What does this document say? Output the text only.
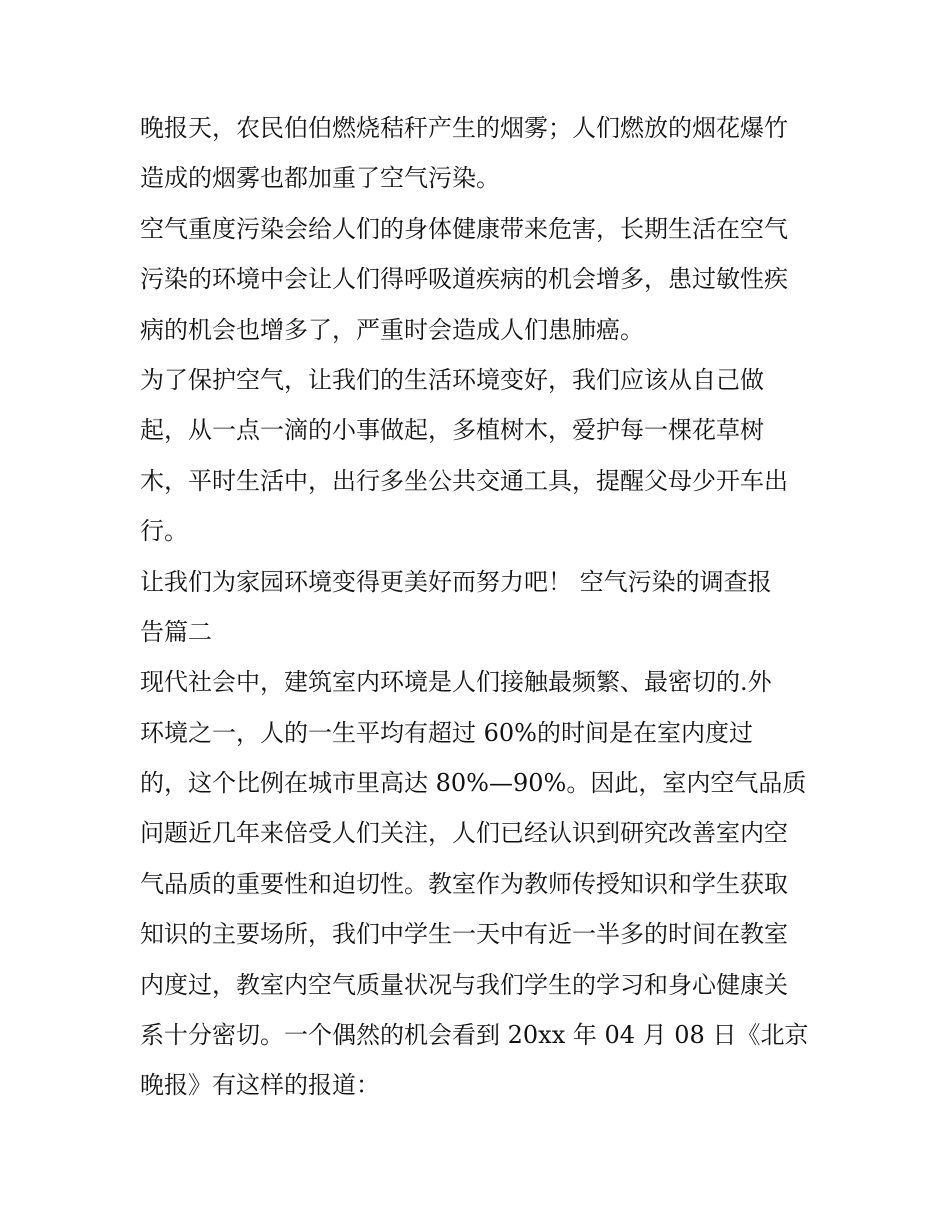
晚报天，农民伯伯燃烧秸秆产生的烟雾；人们燃放的烟花爆竹

造成的烟雾也都加重了空气污染。

空气重度污染会给人们的身体健康带来危害，长期生活在空气

污染的环境中会让人们得呼吸道疾病的机会增多，患过敏性疾

病的机会也增多了，严重时会造成人们患肺癌。

为了保护空气，让我们的生活环境变好，我们应该从自己做

起，从一点一滴的小事做起，多植树木，爱护每一棵花草树

木，平时生活中，出行多坐公共交通工具，提醒父母少开车出

行。

让我们为家园环境变得更美好而努力吧！ 空气污染的调查报

告篇二

现代社会中，建筑室内环境是人们接触最频繁、最密切的.外

环境之一，人的一生平均有超过 60%的时间是在室内度过

的，这个比例在城市里高达 80%—90%。因此，室内空气品质

问题近几年来倍受人们关注，人们已经认识到研究改善室内空

气品质的重要性和迫切性。教室作为教师传授知识和学生获取

知识的主要场所，我们中学生一天中有近一半多的时间在教室

内度过，教室内空气质量状况与我们学生的学习和身心健康关

系十分密切。一个偶然的机会看到 20xx 年 04 月 08 日《北京

晚报》有这样的报道：
